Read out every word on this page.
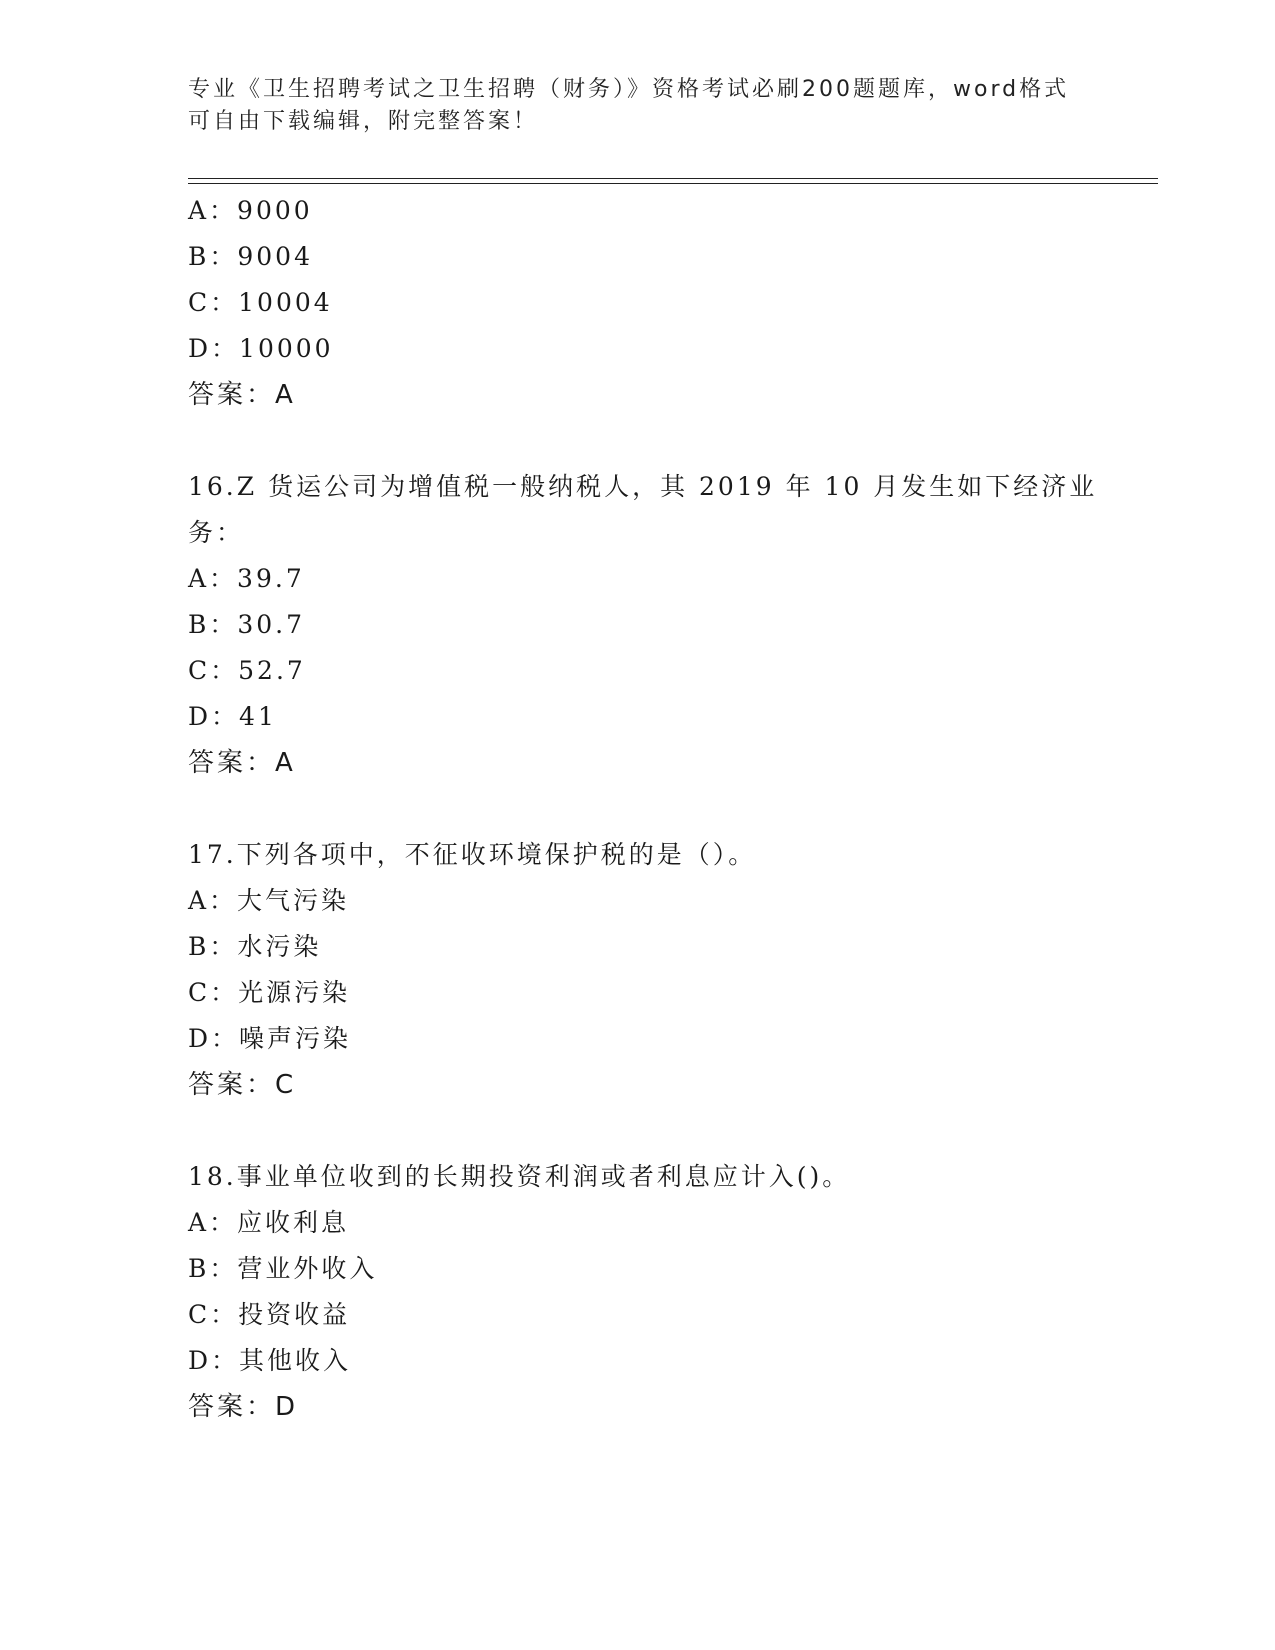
专业《卫生招聘考试之卫生招聘（财务）》资格考试必刷200题题库，word格式
可自由下载编辑，附完整答案！
A：9000
B：9004
C：10004
D：10000
答案：A
16.Z 货运公司为增值税一般纳税人，其 2019 年 10 月发生如下经济业
务：
A：39.7
B：30.7
C：52.7
D：41
答案：A
17.下列各项中，不征收环境保护税的是（）。
A：大气污染
B：水污染
C：光源污染
D：噪声污染
答案：C
18.事业单位收到的长期投资利润或者利息应计入()。
A：应收利息
B：营业外收入
C：投资收益
D：其他收入
答案：D
